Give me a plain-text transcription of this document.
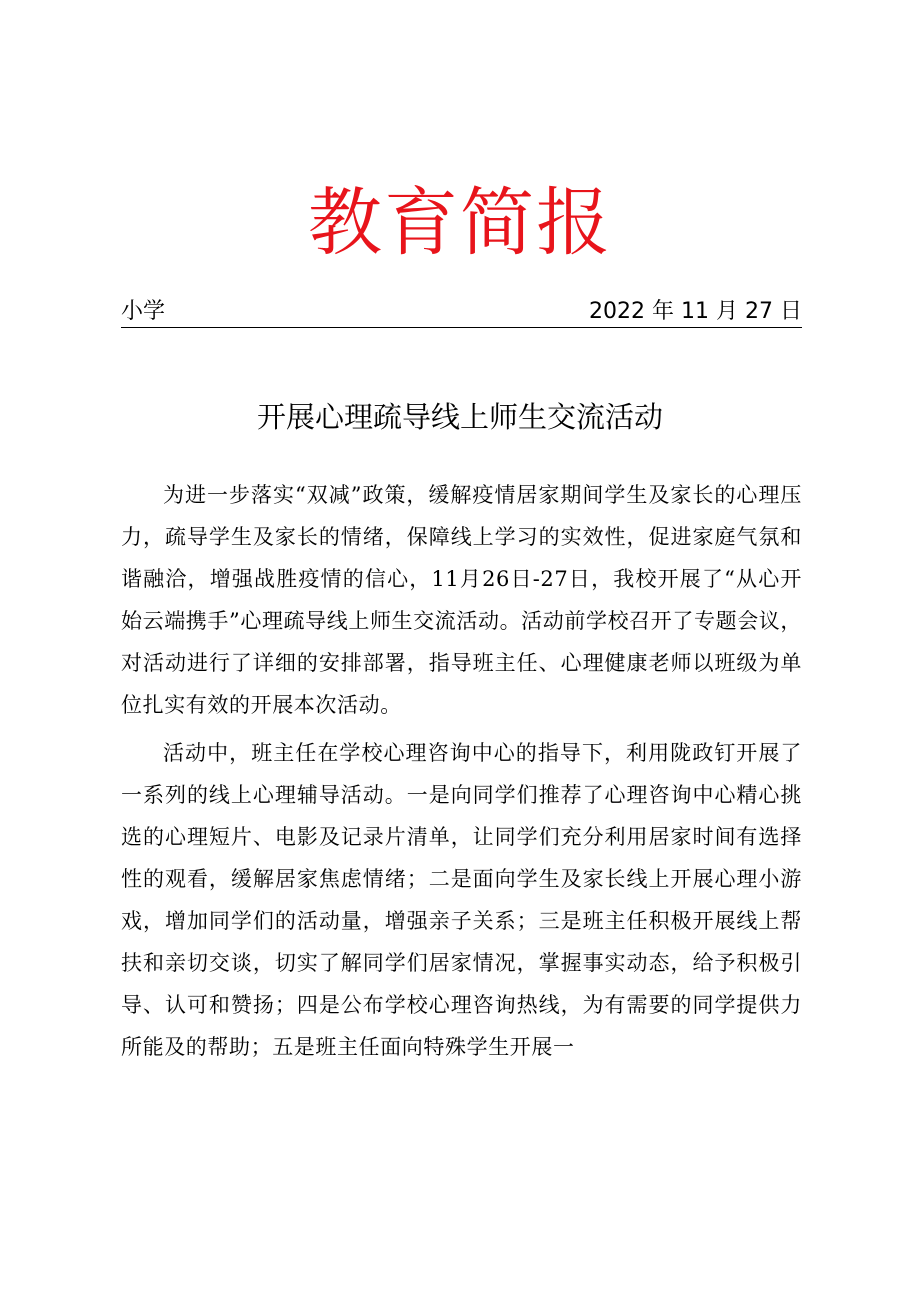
教育简报
小学	2022 年 11 月 27 日
开展心理疏导线上师生交流活动

为进一步落实“双减”政策，缓解疫情居家期间学生及家长的心理压力，疏导学生及家长的情绪，保障线上学习的实效性，促进家庭气氛和谐融洽，增强战胜疫情的信心，11月26日-27日，我校开展了“从心开始云端携手”心理疏导线上师生交流活动。活动前学校召开了专题会议，对活动进行了详细的安排部署，指导班主任、心理健康老师以班级为单位扎实有效的开展本次活动。

活动中，班主任在学校心理咨询中心的指导下，利用陇政钉开展了一系列的线上心理辅导活动。一是向同学们推荐了心理咨询中心精心挑选的心理短片、电影及记录片清单，让同学们充分利用居家时间有选择性的观看，缓解居家焦虑情绪；二是面向学生及家长线上开展心理小游戏，增加同学们的活动量，增强亲子关系；三是班主任积极开展线上帮扶和亲切交谈，切实了解同学们居家情况，掌握事实动态，给予积极引导、认可和赞扬；四是公布学校心理咨询热线，为有需要的同学提供力所能及的帮助；五是班主任面向特殊学生开展一
